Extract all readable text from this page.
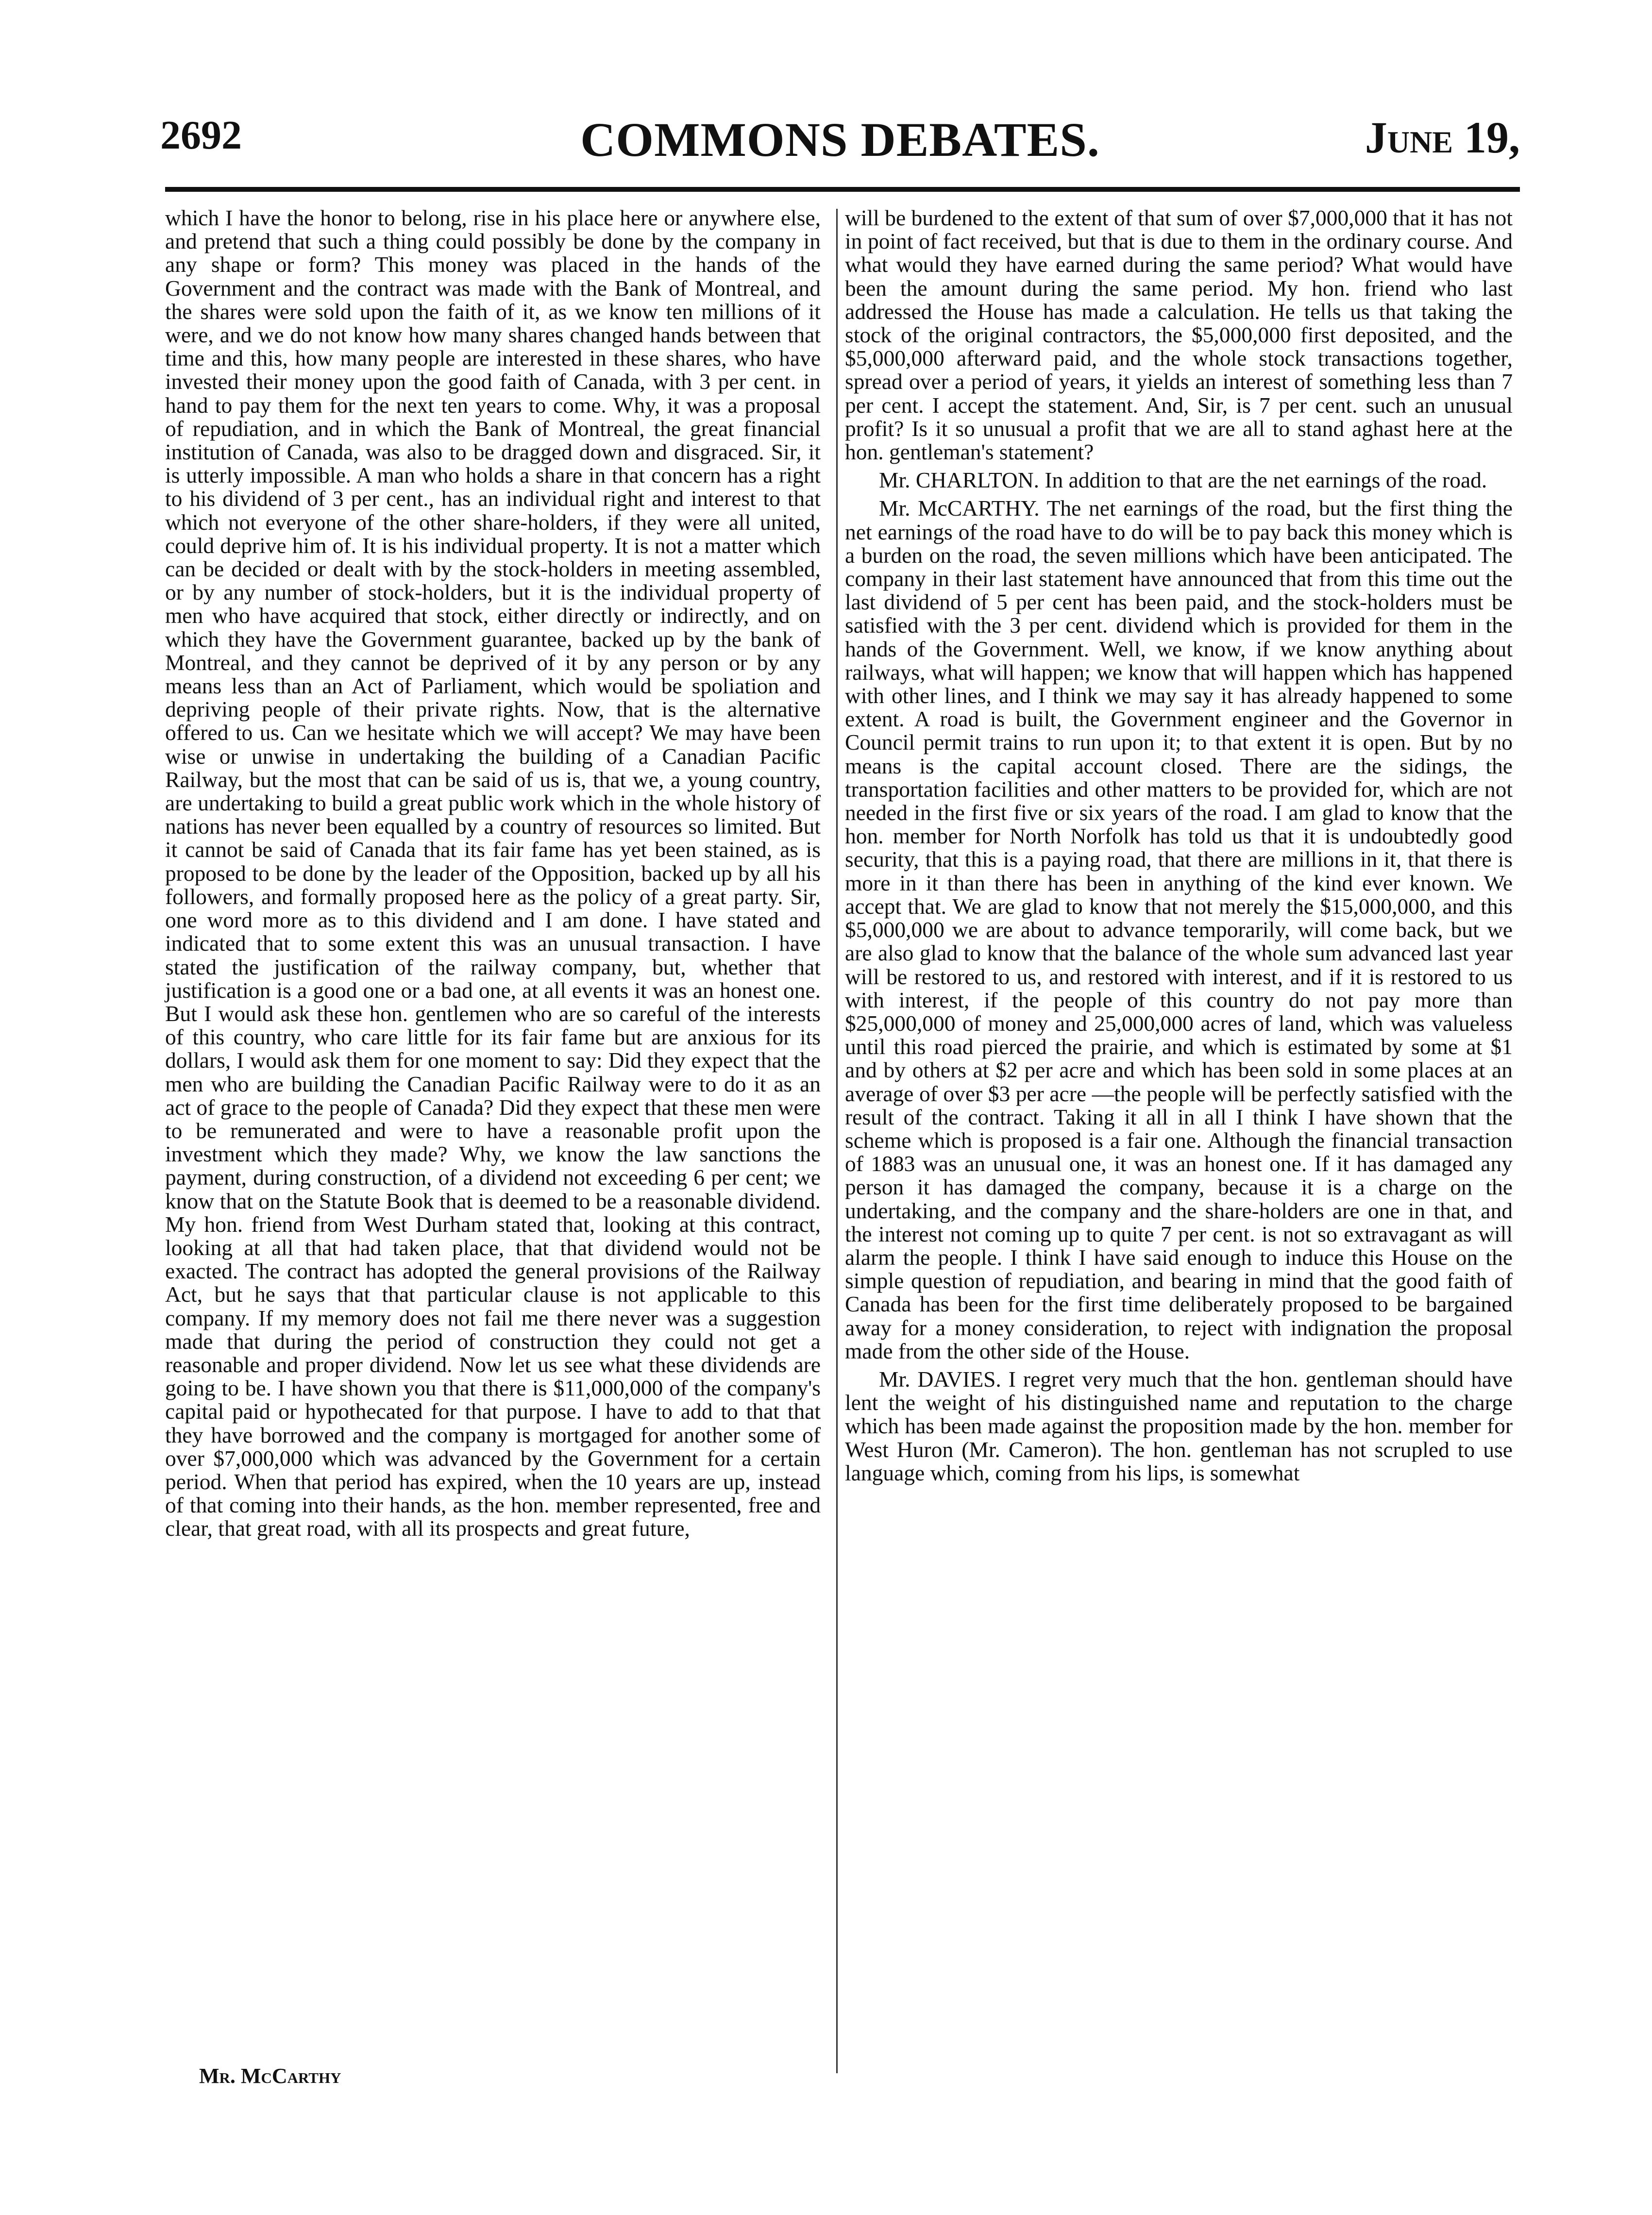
2692	COMMONS DEBATES.	June 19,

which I have the honor to belong, rise in his place here or anywhere else, and pretend that such a thing could possibly be done by the company in any shape or form? This money was placed in the hands of the Government and the contract was made with the Bank of Montreal, and the shares were sold upon the faith of it, as we know ten millions of it were, and we do not know how many shares changed hands between that time and this, how many people are interested in these shares, who have invested their money upon the good faith of Canada, with 3 per cent. in hand to pay them for the next ten years to come. Why, it was a proposal of repudiation, and in which the Bank of Montreal, the great financial institution of Canada, was also to be dragged down and disgraced. Sir, it is utterly impossible. A man who holds a share in that concern has a right to his dividend of 3 per cent., has an individual right and interest to that which not everyone of the other share-holders, if they were all united, could deprive him of. It is his individual property. It is not a matter which can be decided or dealt with by the stock-holders in meeting assembled, or by any number of stock-holders, but it is the individual property of men who have acquired that stock, either directly or indirectly, and on which they have the Government guarantee, backed up by the bank of Montreal, and they cannot be deprived of it by any person or by any means less than an Act of Parliament, which would be spoliation and depriving people of their private rights. Now, that is the alternative offered to us. Can we hesitate which we will accept? We may have been wise or unwise in undertaking the building of a Canadian Pacific Railway, but the most that can be said of us is, that we, a young country, are undertaking to build a great public work which in the whole history of nations has never been equalled by a country of resources so limited. But it cannot be said of Canada that its fair fame has yet been stained, as is proposed to be done by the leader of the Opposition, backed up by all his followers, and formally proposed here as the policy of a great party. Sir, one word more as to this dividend and I am done. I have stated and indicated that to some extent this was an unusual transaction. I have stated the justification of the railway company, but, whether that justification is a good one or a bad one, at all events it was an honest one. But I would ask these hon. gentlemen who are so careful of the interests of this country, who care little for its fair fame but are anxious for its dollars, I would ask them for one moment to say: Did they expect that the men who are building the Canadian Pacific Railway were to do it as an act of grace to the people of Canada? Did they expect that these men were to be remunerated and were to have a reasonable profit upon the investment which they made? Why, we know the law sanctions the payment, during construction, of a dividend not exceeding 6 per cent; we know that on the Statute Book that is deemed to be a reasonable dividend. My hon. friend from West Durham stated that, looking at this contract, looking at all that had taken place, that that dividend would not be exacted. The contract has adopted the general provisions of the Railway Act, but he says that that particular clause is not applicable to this company. If my memory does not fail me there never was a suggestion made that during the period of construction they could not get a reasonable and proper dividend. Now let us see what these dividends are going to be. I have shown you that there is $11,000,000 of the company's capital paid or hypothecated for that purpose. I have to add to that that they have borrowed and the company is mortgaged for another some of over $7,000,000 which was advanced by the Government for a certain period. When that period has expired, when the 10 years are up, instead of that coming into their hands, as the hon. member represented, free and clear, that great road, with all its prospects and great future,

will be burdened to the extent of that sum of over $7,000,000 that it has not in point of fact received, but that is due to them in the ordinary course. And what would they have earned during the same period? What would have been the amount during the same period. My hon. friend who last addressed the House has made a calculation. He tells us that taking the stock of the original contractors, the $5,000,000 first deposited, and the $5,000,000 afterward paid, and the whole stock transactions together, spread over a period of years, it yields an interest of something less than 7 per cent. I accept the statement. And, Sir, is 7 per cent. such an unusual profit? Is it so unusual a profit that we are all to stand aghast here at the hon. gentleman's statement?

Mr. CHARLTON. In addition to that are the net earnings of the road.

Mr. McCARTHY. The net earnings of the road, but the first thing the net earnings of the road have to do will be to pay back this money which is a burden on the road, the seven millions which have been anticipated. The company in their last statement have announced that from this time out the last dividend of 5 per cent has been paid, and the stock-holders must be satisfied with the 3 per cent. dividend which is provided for them in the hands of the Government. Well, we know, if we know anything about railways, what will happen; we know that will happen which has happened with other lines, and I think we may say it has already happened to some extent. A road is built, the Government engineer and the Governor in Council permit trains to run upon it; to that extent it is open. But by no means is the capital account closed. There are the sidings, the transportation facilities and other matters to be provided for, which are not needed in the first five or six years of the road. I am glad to know that the hon. member for North Norfolk has told us that it is undoubtedly good security, that this is a paying road, that there are millions in it, that there is more in it than there has been in anything of the kind ever known. We accept that. We are glad to know that not merely the $15,000,000, and this $5,000,000 we are about to advance temporarily, will come back, but we are also glad to know that the balance of the whole sum advanced last year will be restored to us, and restored with interest, and if it is restored to us with interest, if the people of this country do not pay more than $25,000,000 of money and 25,000,000 acres of land, which was valueless until this road pierced the prairie, and which is estimated by some at $1 and by others at $2 per acre and which has been sold in some places at an average of over $3 per acre —the people will be perfectly satisfied with the result of the contract. Taking it all in all I think I have shown that the scheme which is proposed is a fair one. Although the financial transaction of 1883 was an unusual one, it was an honest one. If it has damaged any person it has damaged the company, because it is a charge on the undertaking, and the company and the share-holders are one in that, and the interest not coming up to quite 7 per cent. is not so extravagant as will alarm the people. I think I have said enough to induce this House on the simple question of repudiation, and bearing in mind that the good faith of Canada has been for the first time deliberately proposed to be bargained away for a money consideration, to reject with indignation the proposal made from the other side of the House.

Mr. DAVIES. I regret very much that the hon. gentleman should have lent the weight of his distinguished name and reputation to the charge which has been made against the proposition made by the hon. member for West Huron (Mr. Cameron). The hon. gentleman has not scrupled to use language which, coming from his lips, is somewhat

Mr. McCarthy
